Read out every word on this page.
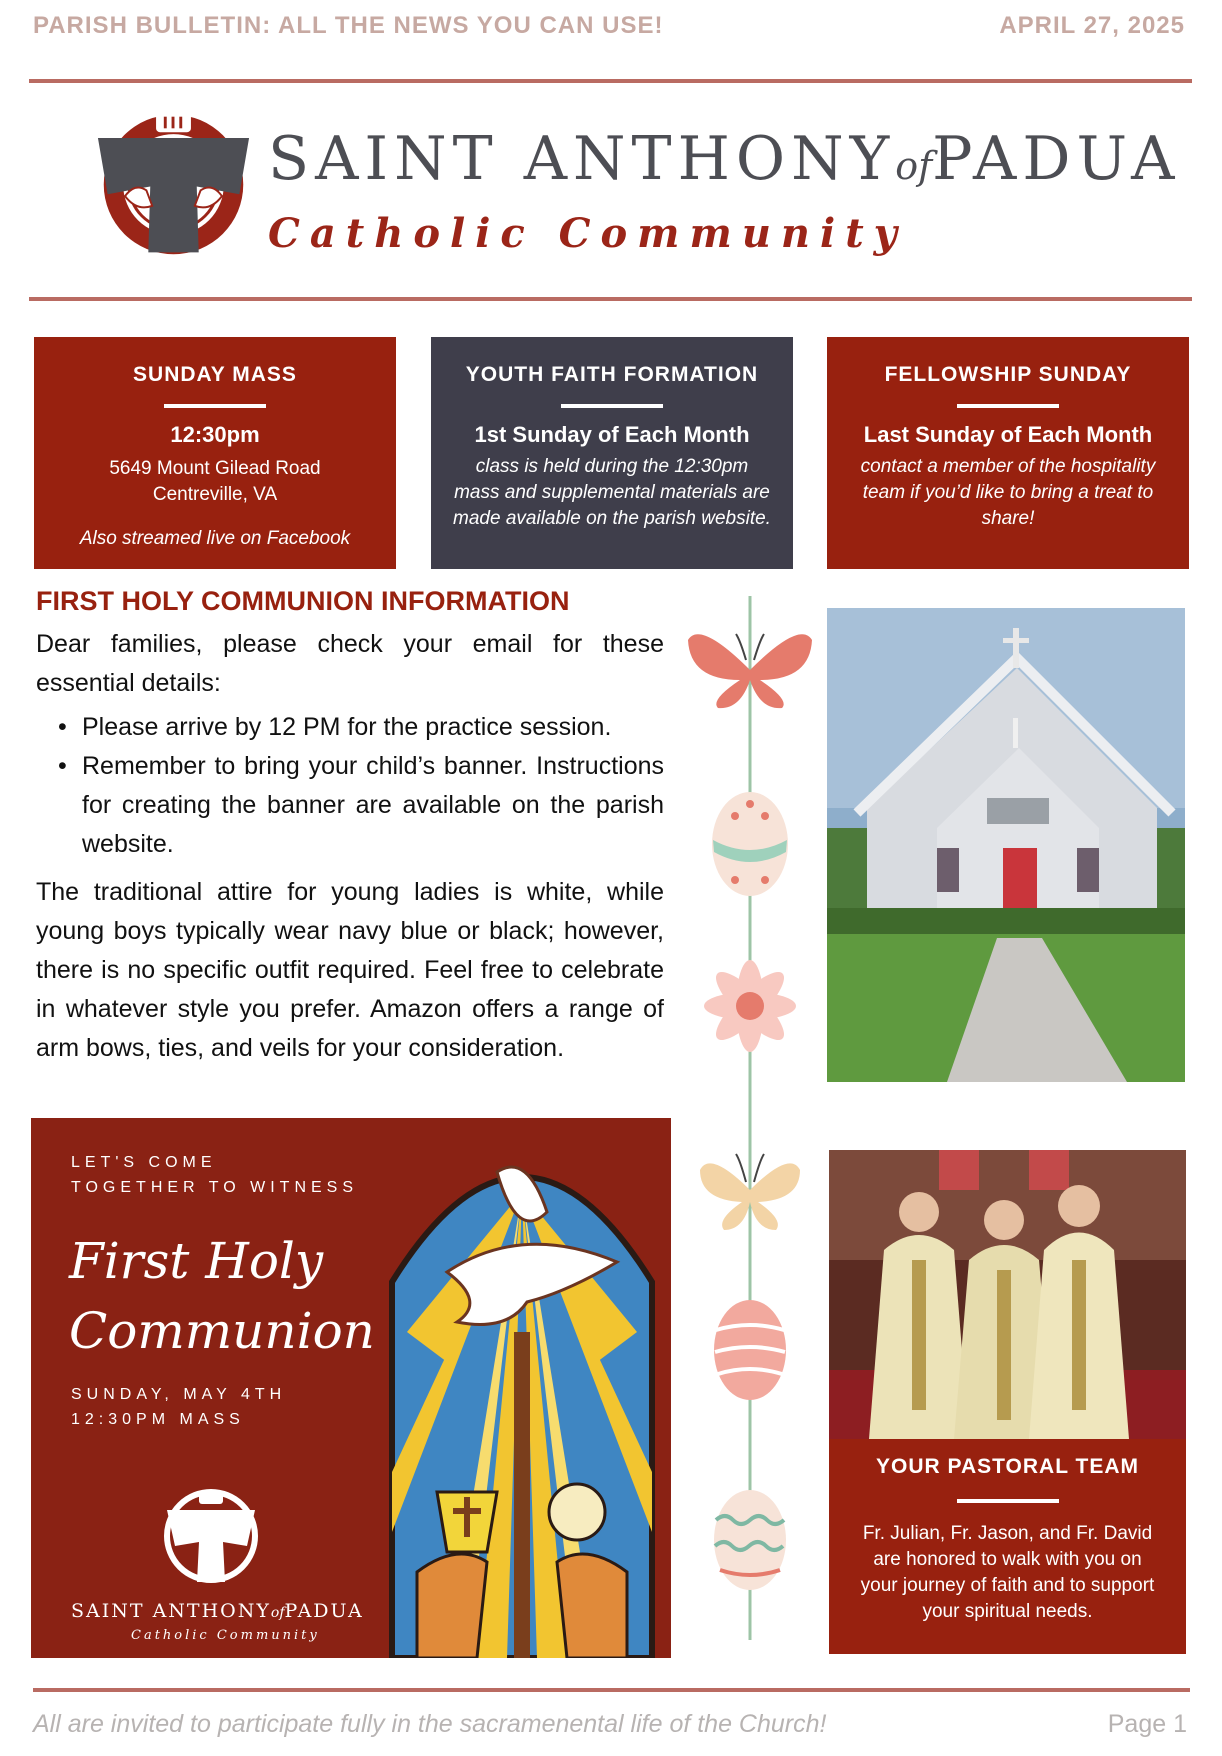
PARISH BULLETIN: ALL THE NEWS YOU CAN USE!	APRIL 27, 2025
SAINT ANTHONYofPADUA
Catholic Community
SUNDAY MASS
12:30pm
5649 Mount Gilead Road
Centreville, VA
Also streamed live on Facebook
YOUTH FAITH FORMATION
1st Sunday of Each Month
class is held during the 12:30pm mass and supplemental materials are made available on the parish website.
FELLOWSHIP SUNDAY
Last Sunday of Each Month
contact a member of the hospitality team if you’d like to bring a treat to share!
FIRST HOLY COMMUNION INFORMATION
Dear families, please check your email for these essential details:
• Please arrive by 12 PM for the practice session.
• Remember to bring your child’s banner. Instructions for creating the banner are available on the parish website.
The traditional attire for young ladies is white, while young boys typically wear navy blue or black; however, there is no specific outfit required. Feel free to celebrate in whatever style you prefer. Amazon offers a range of arm bows, ties, and veils for your consideration.
LET'S COME
TOGETHER TO WITNESS
First Holy
Communion
SUNDAY, MAY 4TH
12:30PM MASS
SAINT ANTHONYofPADUA
Catholic Community
YOUR PASTORAL TEAM
Fr. Julian, Fr. Jason, and Fr. David are honored to walk with you on your journey of faith and to support your spiritual needs.
All are invited to participate fully in the sacramenental life of the Church!	Page 1
